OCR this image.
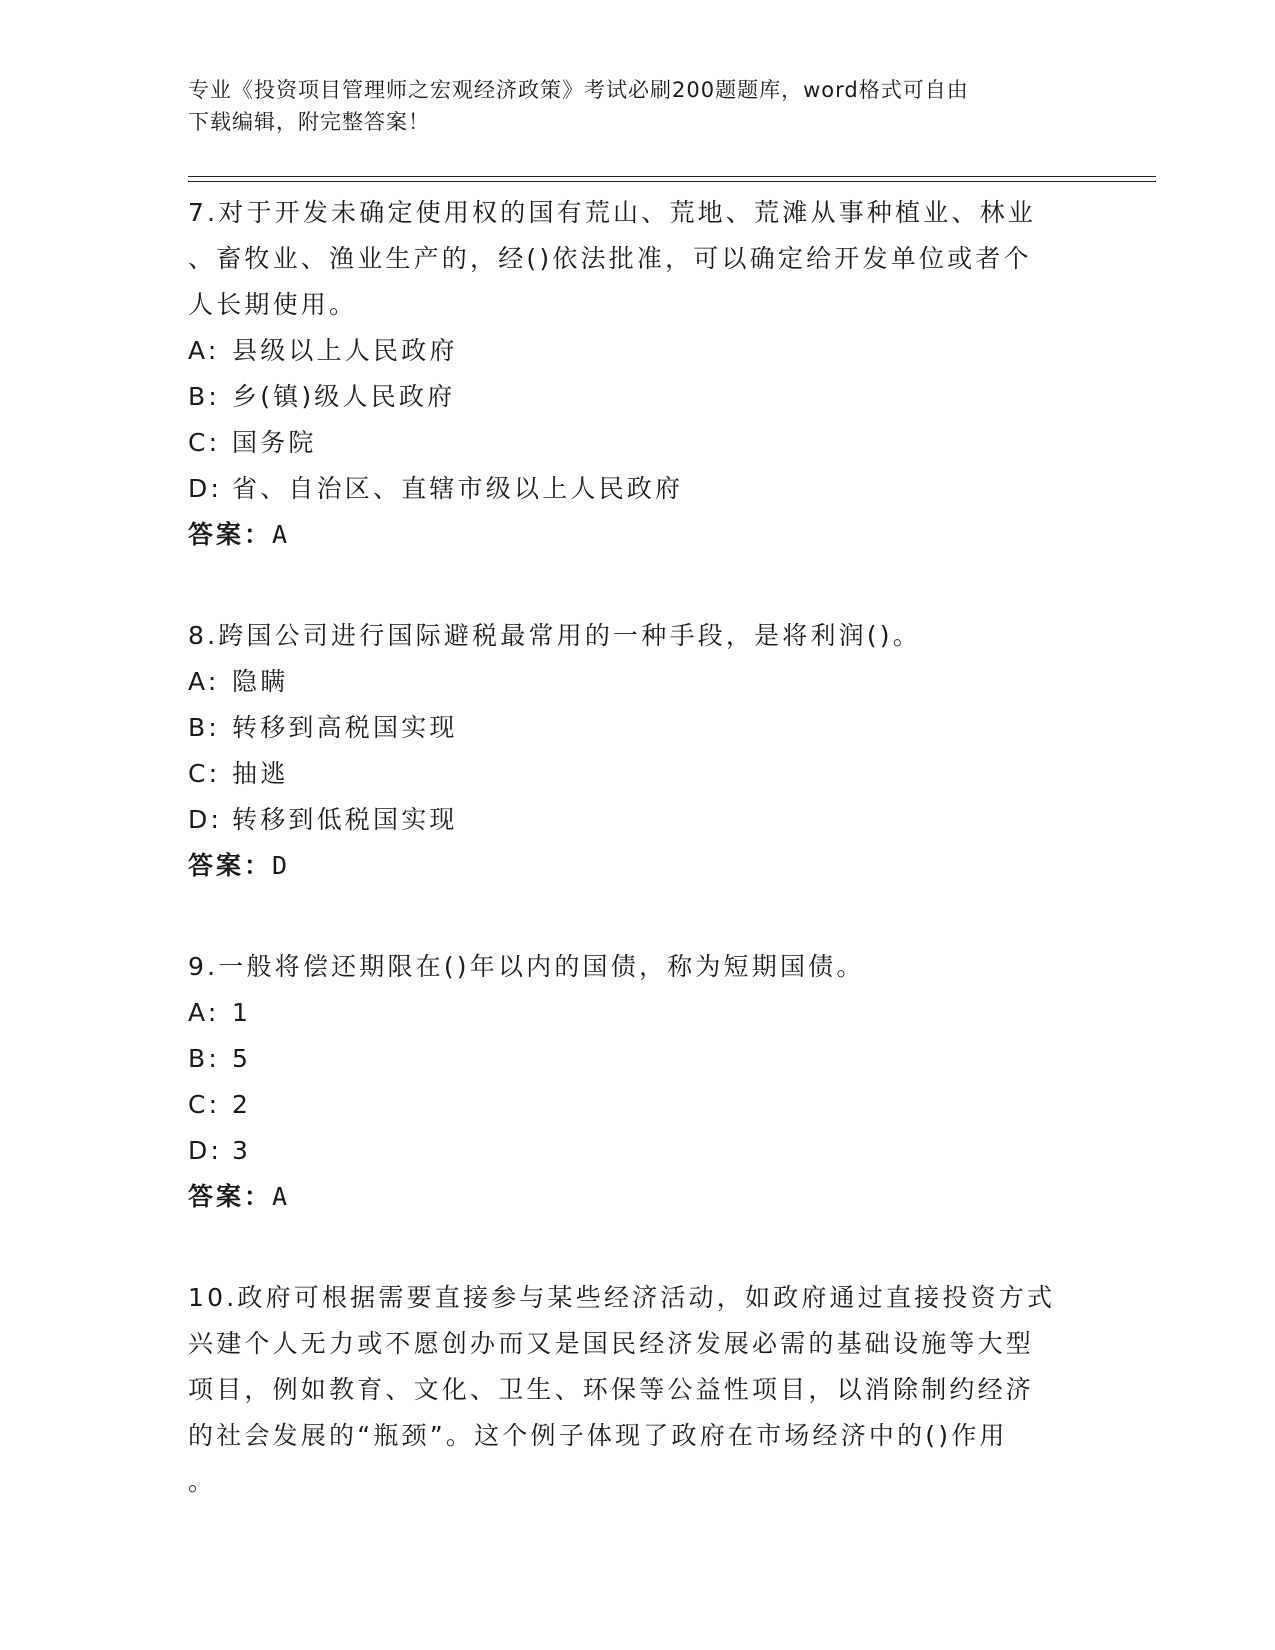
专业《投资项目管理师之宏观经济政策》考试必刷200题题库，word格式可自由
下载编辑，附完整答案！

7.对于开发未确定使用权的国有荒山、荒地、荒滩从事种植业、林业

、畜牧业、渔业生产的，经()依法批准，可以确定给开发单位或者个

人长期使用。

A: 县级以上人民政府

B: 乡(镇)级人民政府

C: 国务院

D: 省、自治区、直辖市级以上人民政府

答案：A

8.跨国公司进行国际避税最常用的一种手段，是将利润()。

A: 隐瞒

B: 转移到高税国实现

C: 抽逃

D: 转移到低税国实现

答案：D

9.一般将偿还期限在()年以内的国债，称为短期国债。

A: 1

B: 5

C: 2

D: 3

答案：A

10.政府可根据需要直接参与某些经济活动，如政府通过直接投资方式

兴建个人无力或不愿创办而又是国民经济发展必需的基础设施等大型

项目，例如教育、文化、卫生、环保等公益性项目，以消除制约经济

的社会发展的“瓶颈”。这个例子体现了政府在市场经济中的()作用

。
